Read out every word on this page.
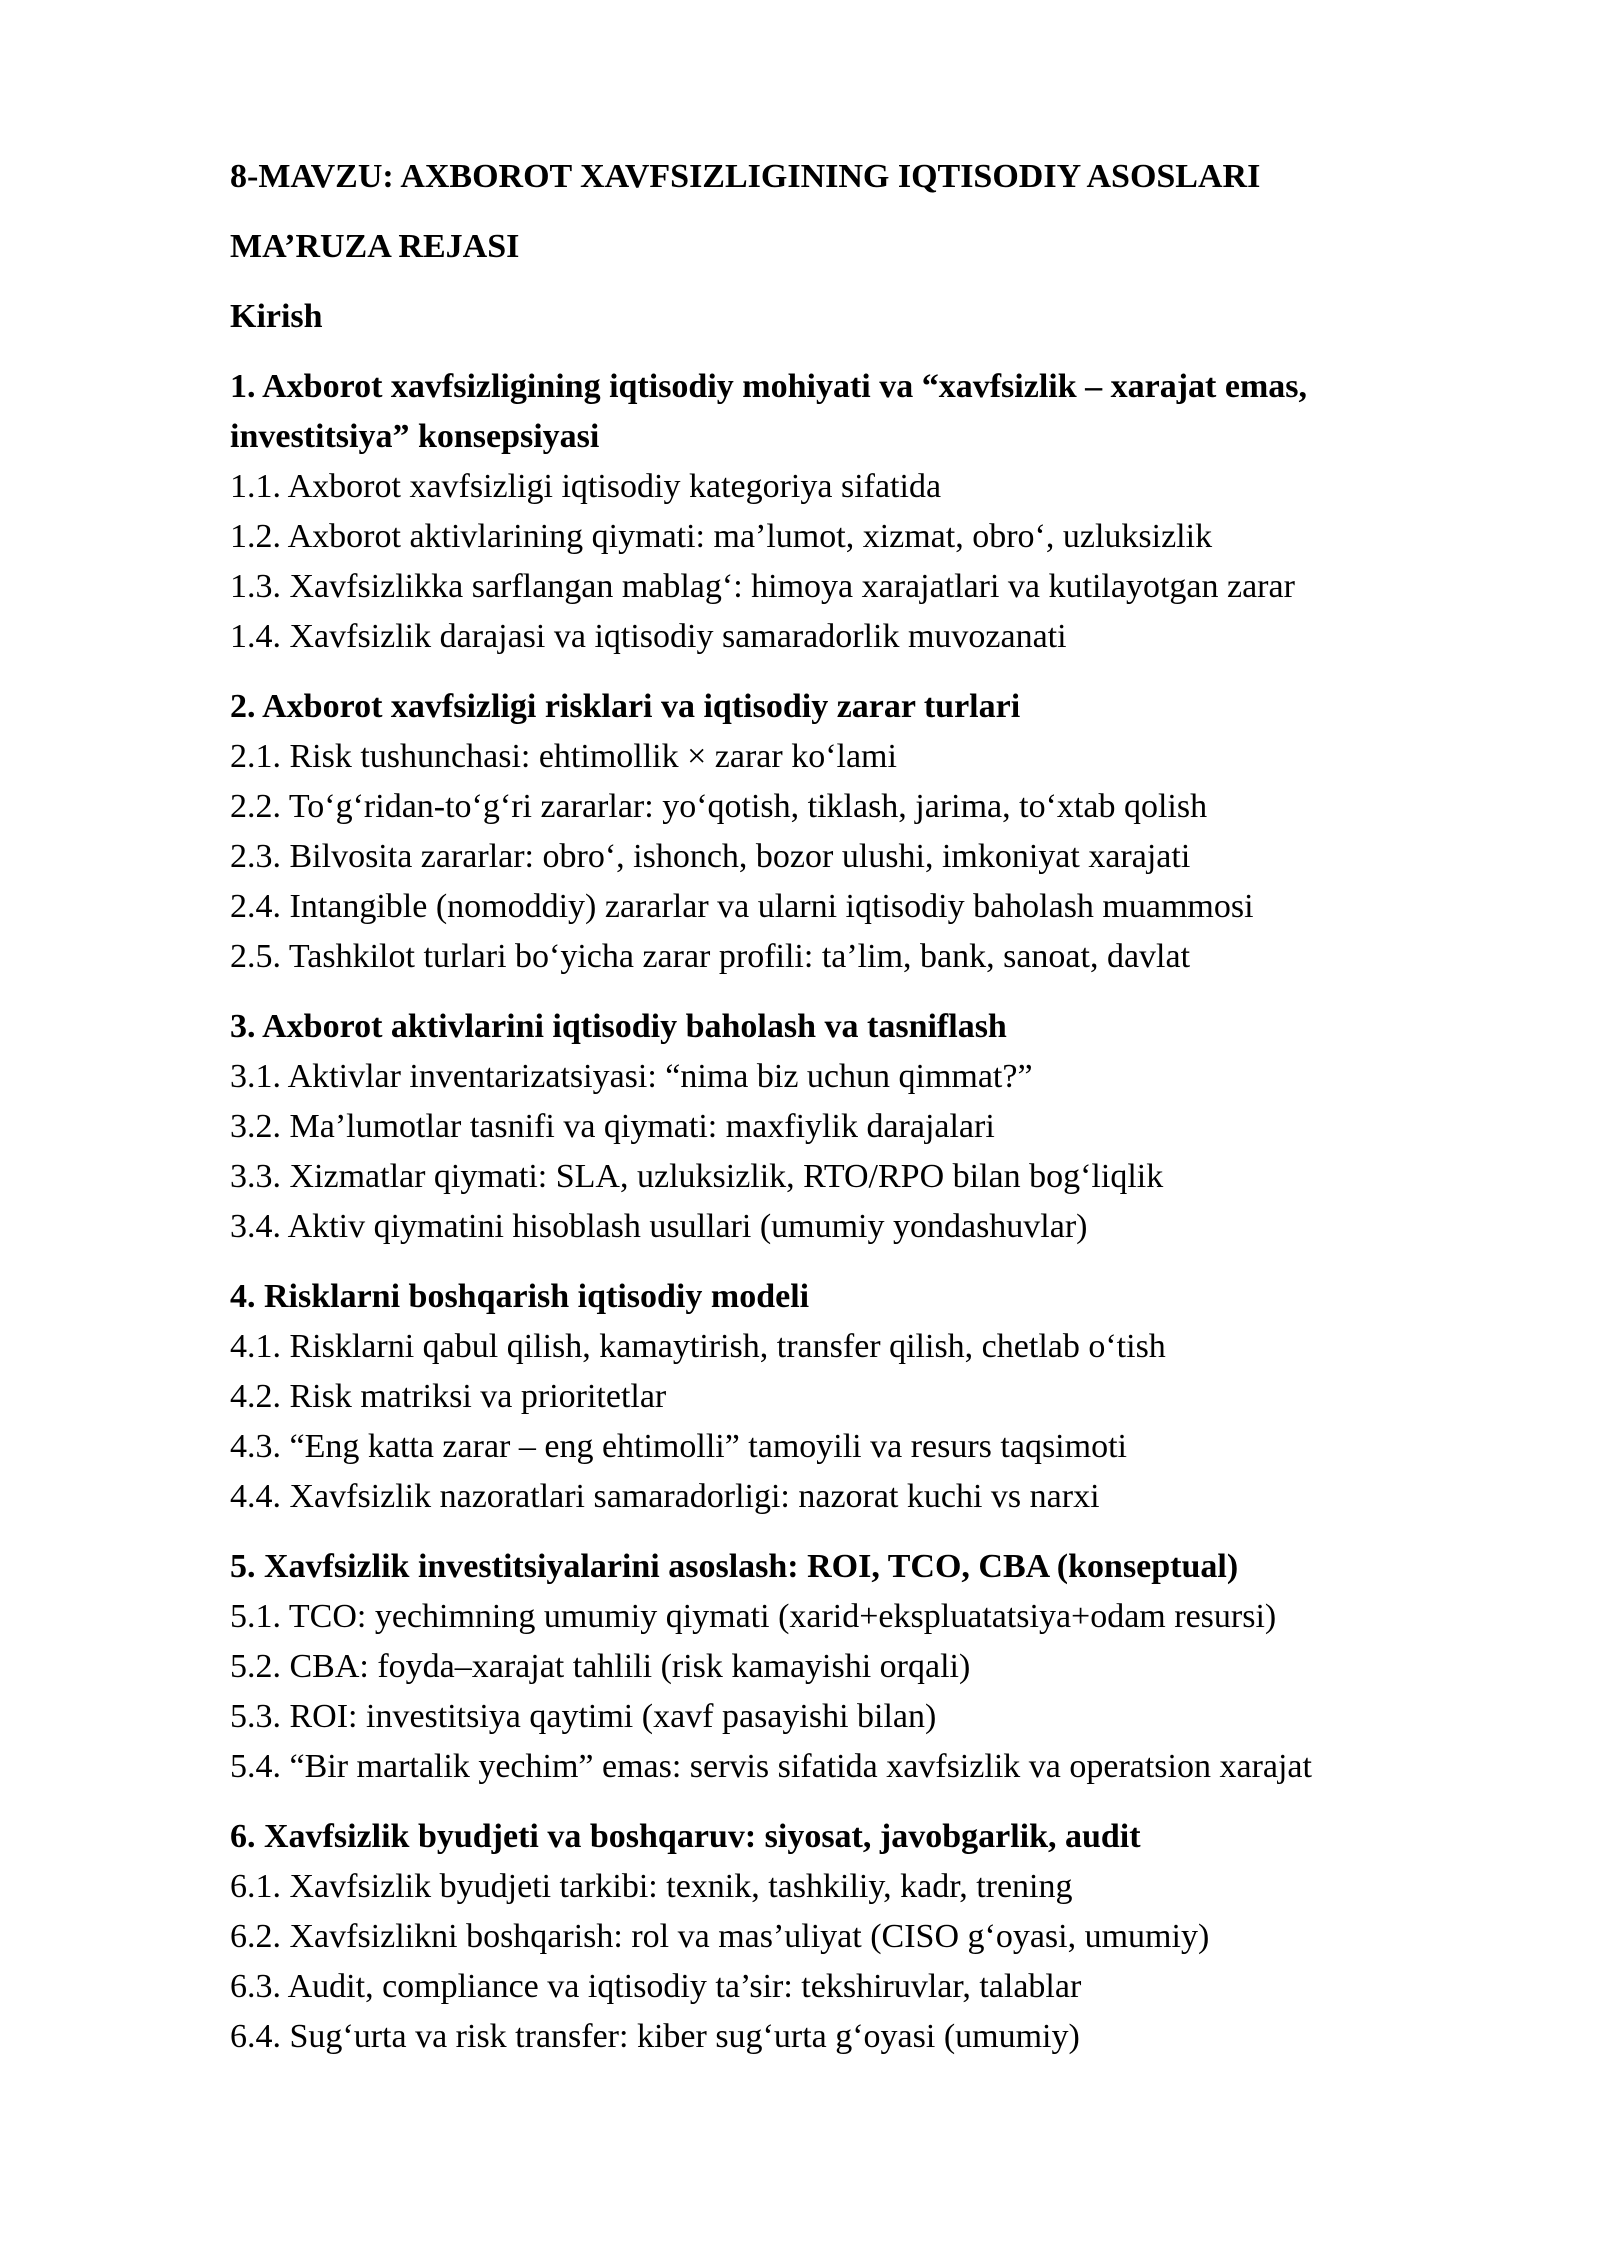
8-MAVZU: AXBOROT XAVFSIZLIGINING IQTISODIY ASOSLARI
MA’RUZA REJASI
Kirish
1. Axborot xavfsizligining iqtisodiy mohiyati va “xavfsizlik – xarajat emas, investitsiya” konsepsiyasi
1.1. Axborot xavfsizligi iqtisodiy kategoriya sifatida
1.2. Axborot aktivlarining qiymati: ma’lumot, xizmat, obro‘, uzluksizlik
1.3. Xavfsizlikka sarflangan mablag‘: himoya xarajatlari va kutilayotgan zarar
1.4. Xavfsizlik darajasi va iqtisodiy samaradorlik muvozanati
2. Axborot xavfsizligi risklari va iqtisodiy zarar turlari
2.1. Risk tushunchasi: ehtimollik × zarar ko‘lami
2.2. To‘g‘ridan-to‘g‘ri zararlar: yo‘qotish, tiklash, jarima, to‘xtab qolish
2.3. Bilvosita zararlar: obro‘, ishonch, bozor ulushi, imkoniyat xarajati
2.4. Intangible (nomoddiy) zararlar va ularni iqtisodiy baholash muammosi
2.5. Tashkilot turlari bo‘yicha zarar profili: ta’lim, bank, sanoat, davlat
3. Axborot aktivlarini iqtisodiy baholash va tasniflash
3.1. Aktivlar inventarizatsiyasi: “nima biz uchun qimmat?”
3.2. Ma’lumotlar tasnifi va qiymati: maxfiylik darajalari
3.3. Xizmatlar qiymati: SLA, uzluksizlik, RTO/RPO bilan bog‘liqlik
3.4. Aktiv qiymatini hisoblash usullari (umumiy yondashuvlar)
4. Risklarni boshqarish iqtisodiy modeli
4.1. Risklarni qabul qilish, kamaytirish, transfer qilish, chetlab o‘tish
4.2. Risk matriksi va prioritetlar
4.3. “Eng katta zarar – eng ehtimolli” tamoyili va resurs taqsimoti
4.4. Xavfsizlik nazoratlari samaradorligi: nazorat kuchi vs narxi
5. Xavfsizlik investitsiyalarini asoslash: ROI, TCO, CBA (konseptual)
5.1. TCO: yechimning umumiy qiymati (xarid+ekspluatatsiya+odam resursi)
5.2. CBA: foyda–xarajat tahlili (risk kamayishi orqali)
5.3. ROI: investitsiya qaytimi (xavf pasayishi bilan)
5.4. “Bir martalik yechim” emas: servis sifatida xavfsizlik va operatsion xarajat
6. Xavfsizlik byudjeti va boshqaruv: siyosat, javobgarlik, audit
6.1. Xavfsizlik byudjeti tarkibi: texnik, tashkiliy, kadr, trening
6.2. Xavfsizlikni boshqarish: rol va mas’uliyat (CISO g‘oyasi, umumiy)
6.3. Audit, compliance va iqtisodiy ta’sir: tekshiruvlar, talablar
6.4. Sug‘urta va risk transfer: kiber sug‘urta g‘oyasi (umumiy)
